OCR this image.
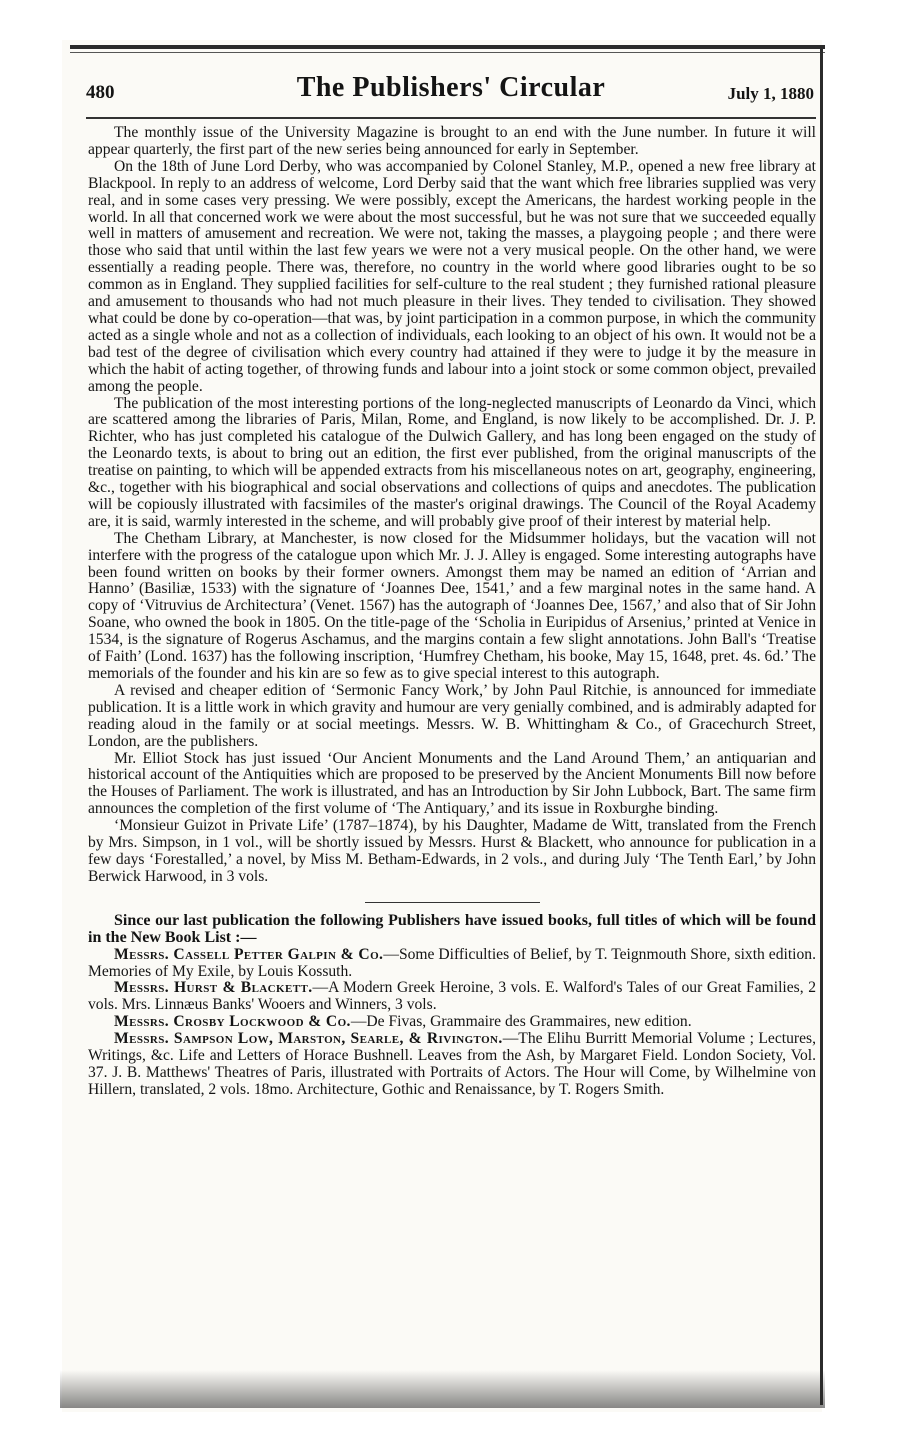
480	The Publishers' Circular	July 1, 1880

The monthly issue of the University Magazine is brought to an end with the June number. In future it will appear quarterly, the first part of the new series being announced for early in September.

On the 18th of June Lord Derby, who was accompanied by Colonel Stanley, M.P., opened a new free library at Blackpool. In reply to an address of welcome, Lord Derby said that the want which free libraries supplied was very real, and in some cases very pressing. We were possibly, except the Americans, the hardest working people in the world. In all that concerned work we were about the most successful, but he was not sure that we succeeded equally well in matters of amusement and recreation. We were not, taking the masses, a playgoing people ; and there were those who said that until within the last few years we were not a very musical people. On the other hand, we were essentially a reading people. There was, therefore, no country in the world where good libraries ought to be so common as in England. They supplied facilities for self-culture to the real student ; they furnished rational pleasure and amusement to thousands who had not much pleasure in their lives. They tended to civilisation. They showed what could be done by co-operation—that was, by joint participation in a common purpose, in which the community acted as a single whole and not as a collection of individuals, each looking to an object of his own. It would not be a bad test of the degree of civilisation which every country had attained if they were to judge it by the measure in which the habit of acting together, of throwing funds and labour into a joint stock or some common object, prevailed among the people.

The publication of the most interesting portions of the long-neglected manuscripts of Leonardo da Vinci, which are scattered among the libraries of Paris, Milan, Rome, and England, is now likely to be accomplished. Dr. J. P. Richter, who has just completed his catalogue of the Dulwich Gallery, and has long been engaged on the study of the Leonardo texts, is about to bring out an edition, the first ever published, from the original manuscripts of the treatise on painting, to which will be appended extracts from his miscellaneous notes on art, geography, engineering, &c., together with his biographical and social observations and collections of quips and anecdotes. The publication will be copiously illustrated with facsimiles of the master's original drawings. The Council of the Royal Academy are, it is said, warmly interested in the scheme, and will probably give proof of their interest by material help.

The Chetham Library, at Manchester, is now closed for the Midsummer holidays, but the vacation will not interfere with the progress of the catalogue upon which Mr. J. J. Alley is engaged. Some interesting autographs have been found written on books by their former owners. Amongst them may be named an edition of ‘Arrian and Hanno’ (Basiliæ, 1533) with the signature of ‘Joannes Dee, 1541,’ and a few marginal notes in the same hand. A copy of ‘Vitruvius de Architectura’ (Venet. 1567) has the autograph of ‘Joannes Dee, 1567,’ and also that of Sir John Soane, who owned the book in 1805. On the title-page of the ‘Scholia in Euripidus of Arsenius,’ printed at Venice in 1534, is the signature of Rogerus Aschamus, and the margins contain a few slight annotations. John Ball's ‘Treatise of Faith’ (Lond. 1637) has the following inscription, ‘Humfrey Chetham, his booke, May 15, 1648, pret. 4s. 6d.’ The memorials of the founder and his kin are so few as to give special interest to this autograph.

A revised and cheaper edition of ‘Sermonic Fancy Work,’ by John Paul Ritchie, is announced for immediate publication. It is a little work in which gravity and humour are very genially combined, and is admirably adapted for reading aloud in the family or at social meetings. Messrs. W. B. Whittingham & Co., of Gracechurch Street, London, are the publishers.

Mr. Elliot Stock has just issued ‘Our Ancient Monuments and the Land Around Them,’ an antiquarian and historical account of the Antiquities which are proposed to be preserved by the Ancient Monuments Bill now before the Houses of Parliament. The work is illustrated, and has an Introduction by Sir John Lubbock, Bart. The same firm announces the completion of the first volume of ‘The Antiquary,’ and its issue in Roxburghe binding.

‘Monsieur Guizot in Private Life’ (1787–1874), by his Daughter, Madame de Witt, translated from the French by Mrs. Simpson, in 1 vol., will be shortly issued by Messrs. Hurst & Blackett, who announce for publication in a few days ‘Forestalled,’ a novel, by Miss M. Betham-Edwards, in 2 vols., and during July ‘The Tenth Earl,’ by John Berwick Harwood, in 3 vols.

Since our last publication the following Publishers have issued books, full titles of which will be found in the New Book List :—

Messrs. Cassell Petter Galpin & Co.—Some Difficulties of Belief, by T. Teignmouth Shore, sixth edition. Memories of My Exile, by Louis Kossuth.

Messrs. Hurst & Blackett.—A Modern Greek Heroine, 3 vols. E. Walford's Tales of our Great Families, 2 vols. Mrs. Linnæus Banks' Wooers and Winners, 3 vols.

Messrs. Crosby Lockwood & Co.—De Fivas, Grammaire des Grammaires, new edition.

Messrs. Sampson Low, Marston, Searle, & Rivington.—The Elihu Burritt Memorial Volume ; Lectures, Writings, &c. Life and Letters of Horace Bushnell. Leaves from the Ash, by Margaret Field. London Society, Vol. 37. J. B. Matthews' Theatres of Paris, illustrated with Portraits of Actors. The Hour will Come, by Wilhelmine von Hillern, translated, 2 vols. 18mo. Architecture, Gothic and Renaissance, by T. Rogers Smith.
